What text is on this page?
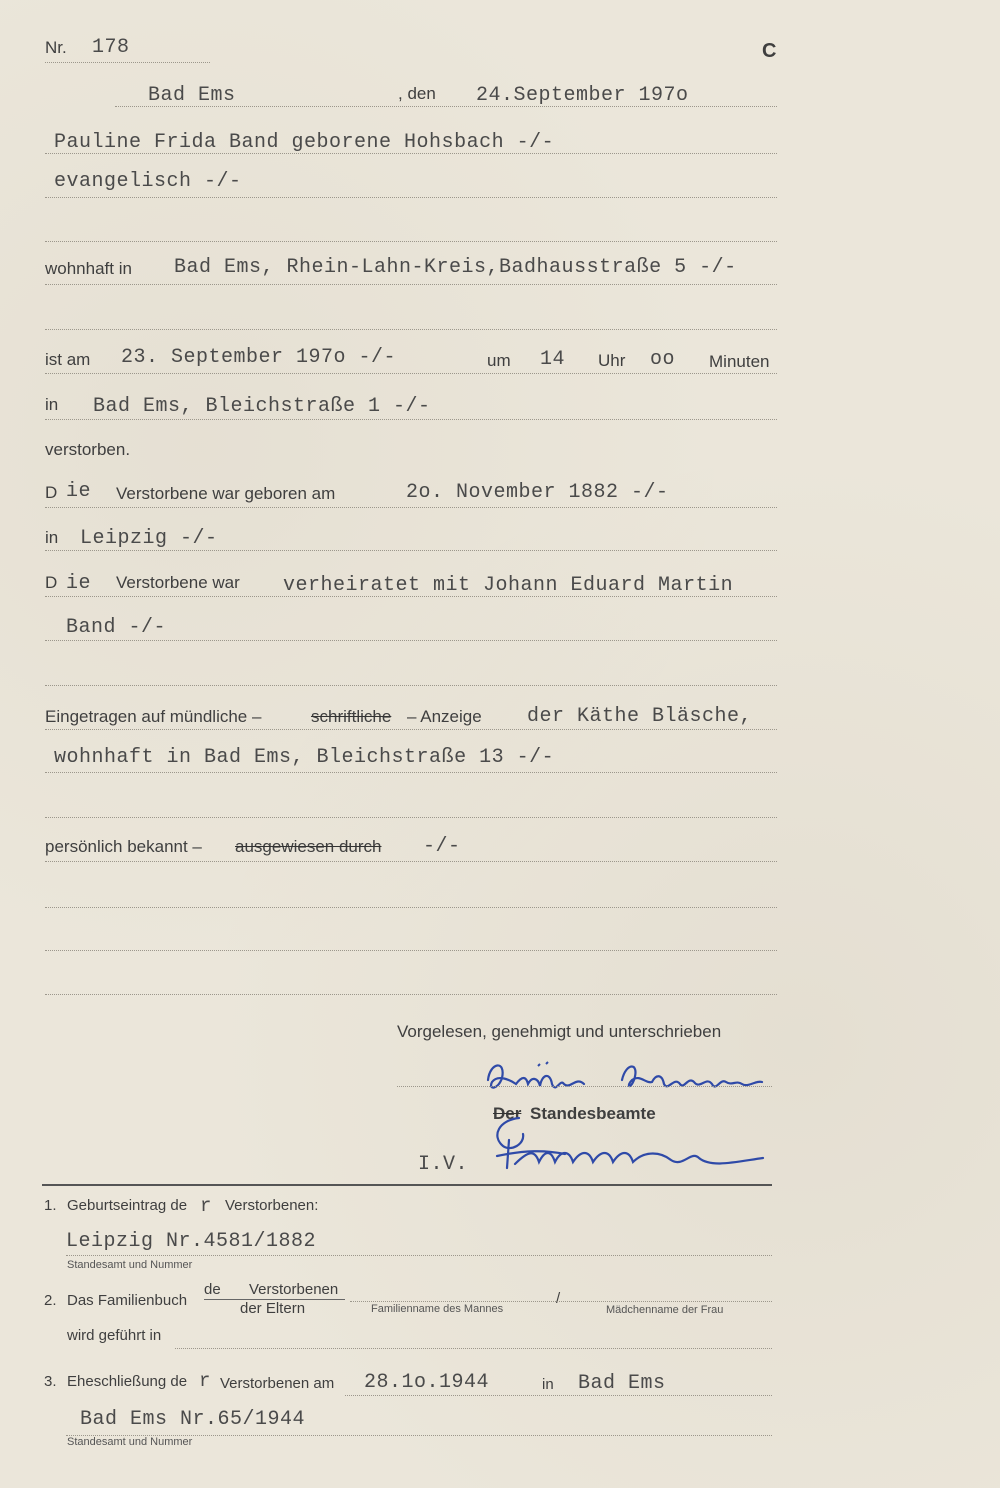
Nr. 178	C
Bad Ems	, den 24.September 197o
Pauline Frida Band geborene Hohsbach -/-
evangelisch -/-
wohnhaft in Bad Ems, Rhein-Lahn-Kreis,Badhausstraße 5 -/-
ist am 23. September 197o -/-	um 14 Uhr oo Minuten
in Bad Ems, Bleichstraße 1 -/-
verstorben.
D ie Verstorbene war geboren am	2o. November 1882 -/-
in Leipzig -/-
D ie Verstorbene war verheiratet mit Johann Eduard Martin
Band -/-
Eingetragen auf mündliche –	schriftliche – Anzeige der Käthe Bläsche,
wohnhaft in Bad Ems, Bleichstraße 13 -/-
persönlich bekannt – ausgewiesen durch -/-
Vorgelesen, genehmigt und unterschrieben
Der Standesbeamte
I.V.
1. Geburtseintrag de r Verstorbenen:
Leipzig Nr.4581/1882
Standesamt und Nummer
2. Das Familienbuch
de Verstorbenen
der Eltern	Familienname des Mannes
/
Mädchenname der Frau
wird geführt in
3. Eheschließung de r Verstorbenen am 28.1o.1944	in Bad Ems
Bad Ems Nr.65/1944
Standesamt und Nummer
